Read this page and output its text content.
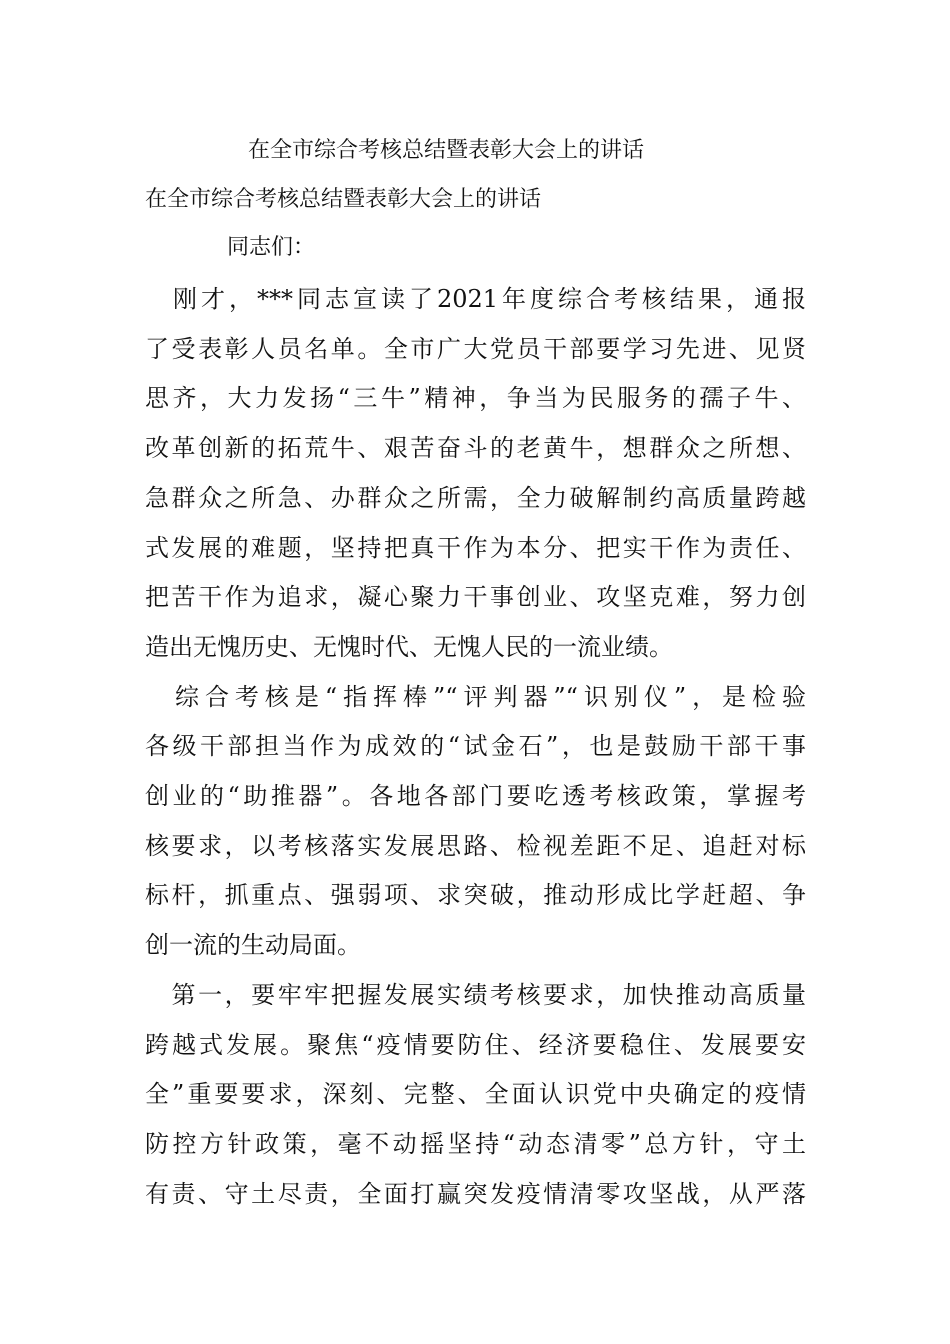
在全市综合考核总结暨表彰大会上的讲话
在全市综合考核总结暨表彰大会上的讲话
同志们：
　刚才，***同志宣读了2021年度综合考核结果，通报
了受表彰人员名单。全市广大党员干部要学习先进、见贤
思齐，大力发扬“三牛”精神，争当为民服务的孺子牛、
改革创新的拓荒牛、艰苦奋斗的老黄牛，想群众之所想、
急群众之所急、办群众之所需，全力破解制约高质量跨越
式发展的难题，坚持把真干作为本分、把实干作为责任、
把苦干作为追求，凝心聚力干事创业、攻坚克难，努力创
造出无愧历史、无愧时代、无愧人民的一流业绩。
　综合考核是“指挥棒”“评判器”“识别仪”，是检验
各级干部担当作为成效的“试金石”，也是鼓励干部干事
创业的“助推器”。各地各部门要吃透考核政策，掌握考
核要求，以考核落实发展思路、检视差距不足、追赶对标
标杆，抓重点、强弱项、求突破，推动形成比学赶超、争
创一流的生动局面。
　第一，要牢牢把握发展实绩考核要求，加快推动高质量
跨越式发展。聚焦“疫情要防住、经济要稳住、发展要安
全”重要要求，深刻、完整、全面认识党中央确定的疫情
防控方针政策，毫不动摇坚持“动态清零”总方针，守土
有责、守土尽责，全面打赢突发疫情清零攻坚战，从严落
